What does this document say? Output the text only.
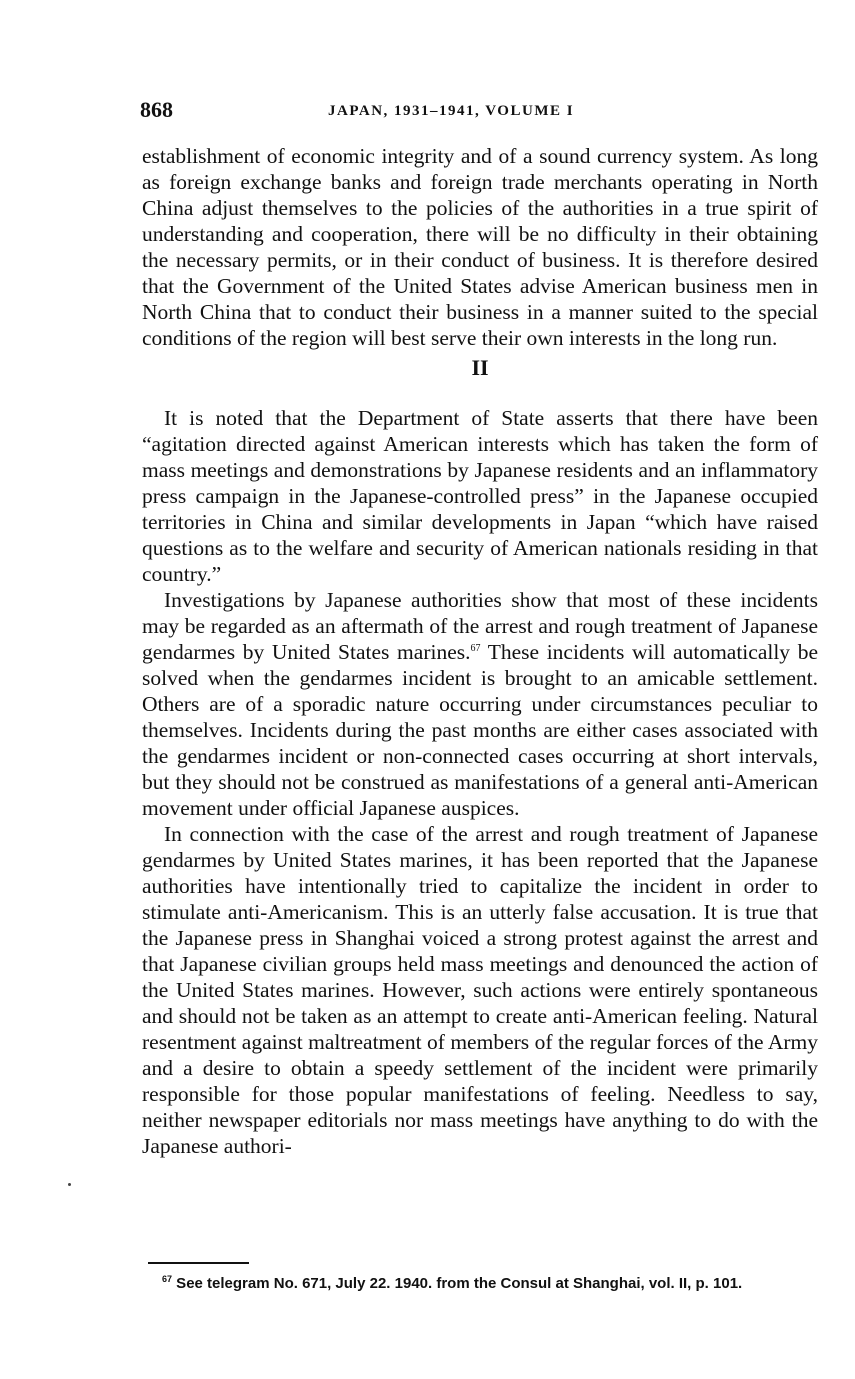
868	JAPAN, 1931–1941, VOLUME I

establishment of economic integrity and of a sound currency system. As long as foreign exchange banks and foreign trade merchants operating in North China adjust themselves to the policies of the authorities in a true spirit of understanding and cooperation, there will be no difficulty in their obtaining the necessary permits, or in their conduct of business. It is therefore desired that the Government of the United States advise American business men in North China that to conduct their business in a manner suited to the special conditions of the region will best serve their own interests in the long run.

II

It is noted that the Department of State asserts that there have been “agitation directed against American interests which has taken the form of mass meetings and demonstrations by Japanese residents and an inflammatory press campaign in the Japanese-controlled press” in the Japanese occupied territories in China and similar developments in Japan “which have raised questions as to the welfare and security of American nationals residing in that country.”

Investigations by Japanese authorities show that most of these incidents may be regarded as an aftermath of the arrest and rough treatment of Japanese gendarmes by United States marines.$^{67}$ These incidents will automatically be solved when the gendarmes incident is brought to an amicable settlement. Others are of a sporadic nature occurring under circumstances peculiar to themselves. Incidents during the past months are either cases associated with the gendarmes incident or non-connected cases occurring at short intervals, but they should not be construed as manifestations of a general anti-American movement under official Japanese auspices.

In connection with the case of the arrest and rough treatment of Japanese gendarmes by United States marines, it has been reported that the Japanese authorities have intentionally tried to capitalize the incident in order to stimulate anti-Americanism. This is an utterly false accusation. It is true that the Japanese press in Shanghai voiced a strong protest against the arrest and that Japanese civilian groups held mass meetings and denounced the action of the United States marines. However, such actions were entirely spontaneous and should not be taken as an attempt to create anti-American feeling. Natural resentment against maltreatment of members of the regular forces of the Army and a desire to obtain a speedy settlement of the incident were primarily responsible for those popular manifestations of feeling. Needless to say, neither newspaper editorials nor mass meetings have anything to do with the Japanese authori-

$^{67}$ See telegram No. 671, July 22. 1940. from the Consul at Shanghai, vol. II, p. 101.
